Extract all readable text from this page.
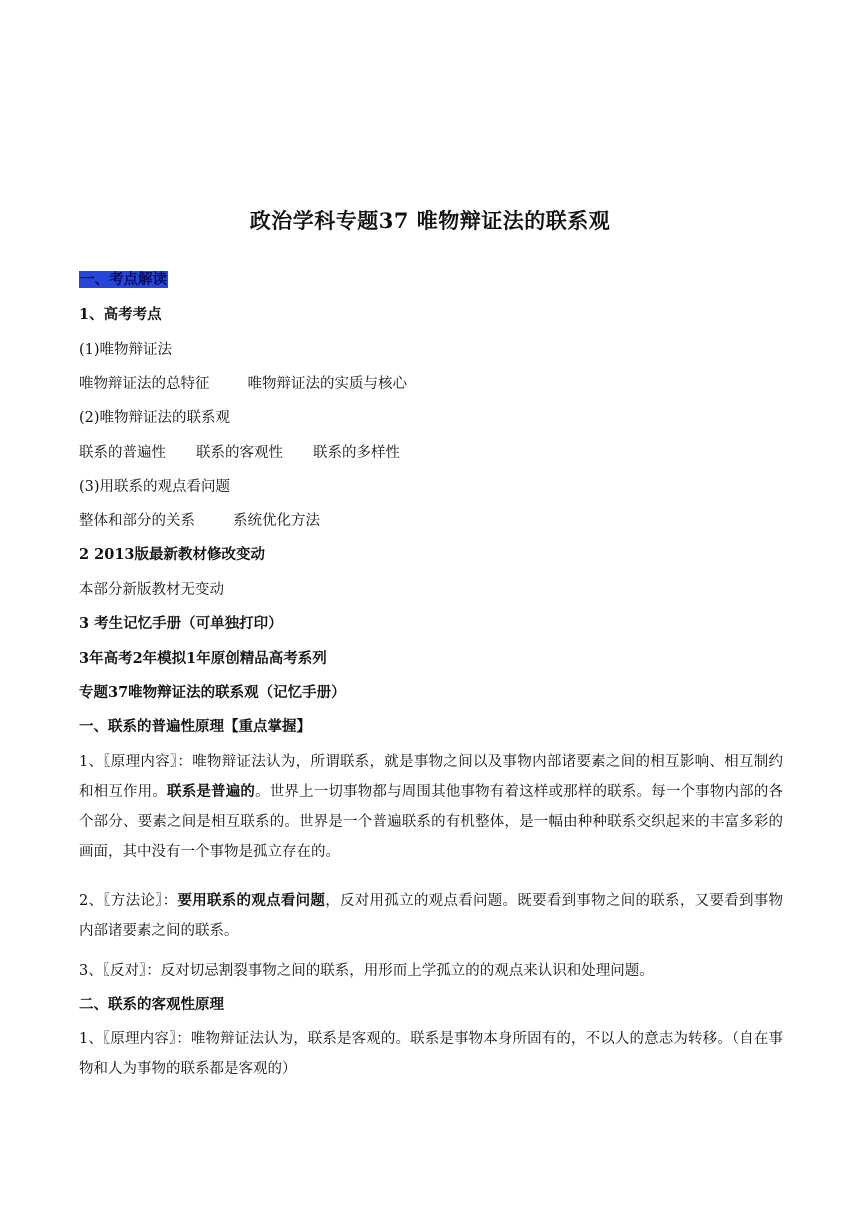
政治学科专题37 唯物辩证法的联系观
一、考点解读
1、高考考点
(1)唯物辩证法
唯物辩证法的总特征	唯物辩证法的实质与核心
(2)唯物辩证法的联系观
联系的普遍性 联系的客观性 联系的多样性
(3)用联系的观点看问题
整体和部分的关系	系统优化方法
2 2013版最新教材修改变动
本部分新版教材无变动
3 考生记忆手册（可单独打印）
3年高考2年模拟1年原创精品高考系列
专题37唯物辩证法的联系观（记忆手册）
一、联系的普遍性原理【重点掌握】
1、〖原理内容〗：唯物辩证法认为，所谓联系，就是事物之间以及事物内部诸要素之间的相互影响、相互制约和相互作用。联系是普遍的。世界上一切事物都与周围其他事物有着这样或那样的联系。每一个事物内部的各个部分、要素之间是相互联系的。世界是一个普遍联系的有机整体，是一幅由种种联系交织起来的丰富多彩的画面，其中没有一个事物是孤立存在的。
2、〖方法论〗：要用联系的观点看问题，反对用孤立的观点看问题。既要看到事物之间的联系，又要看到事物内部诸要素之间的联系。
3、〖反对〗：反对切忌割裂事物之间的联系，用形而上学孤立的的观点来认识和处理问题。
二、联系的客观性原理
1、〖原理内容〗：唯物辩证法认为，联系是客观的。联系是事物本身所固有的，不以人的意志为转移。（自在事物和人为事物的联系都是客观的）
